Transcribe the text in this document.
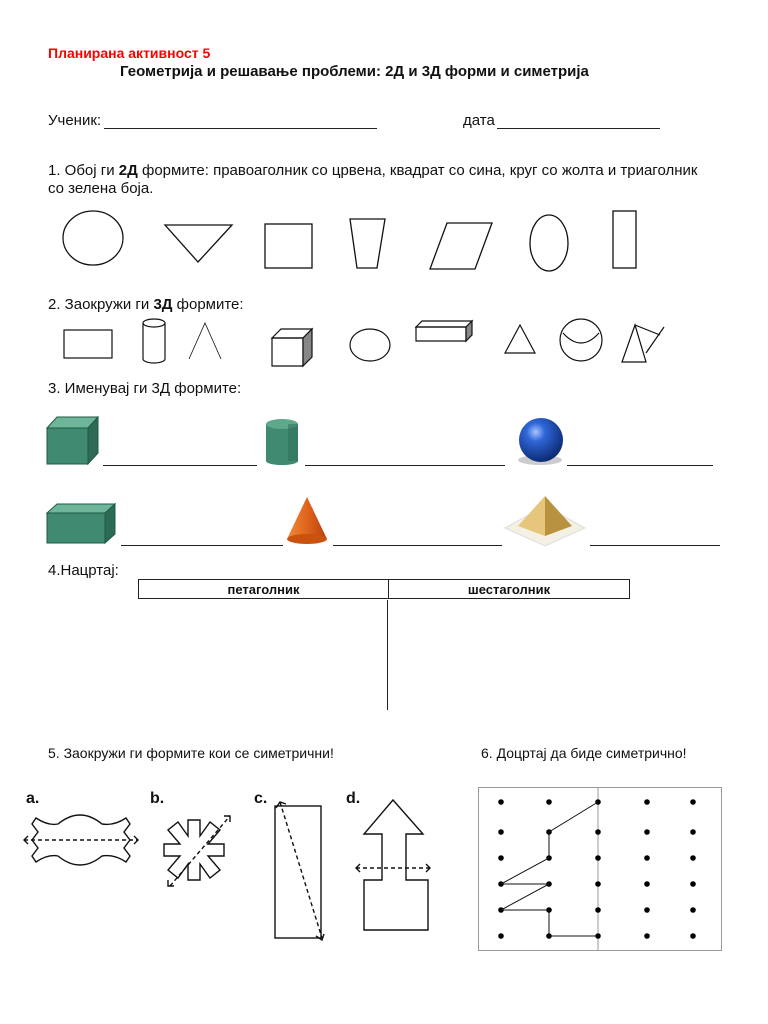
Планирана активност 5
Геометрија и решавање проблеми: 2Д и 3Д форми и симетрија
Ученик:	дата
1. Обој ги 2Д формите: правоаголник со црвена, квадрат со сина, круг со жолта и триаголник
со зелена боја.
2. Заокружи ги 3Д формите:
3. Именувај ги 3Д формите:
4.Нацртај:
петаголник	шестаголник
5. Заокружи ги формите кои се симетрични!	6. Доцртај да биде симетрично!
a.	b.	c.	d.
